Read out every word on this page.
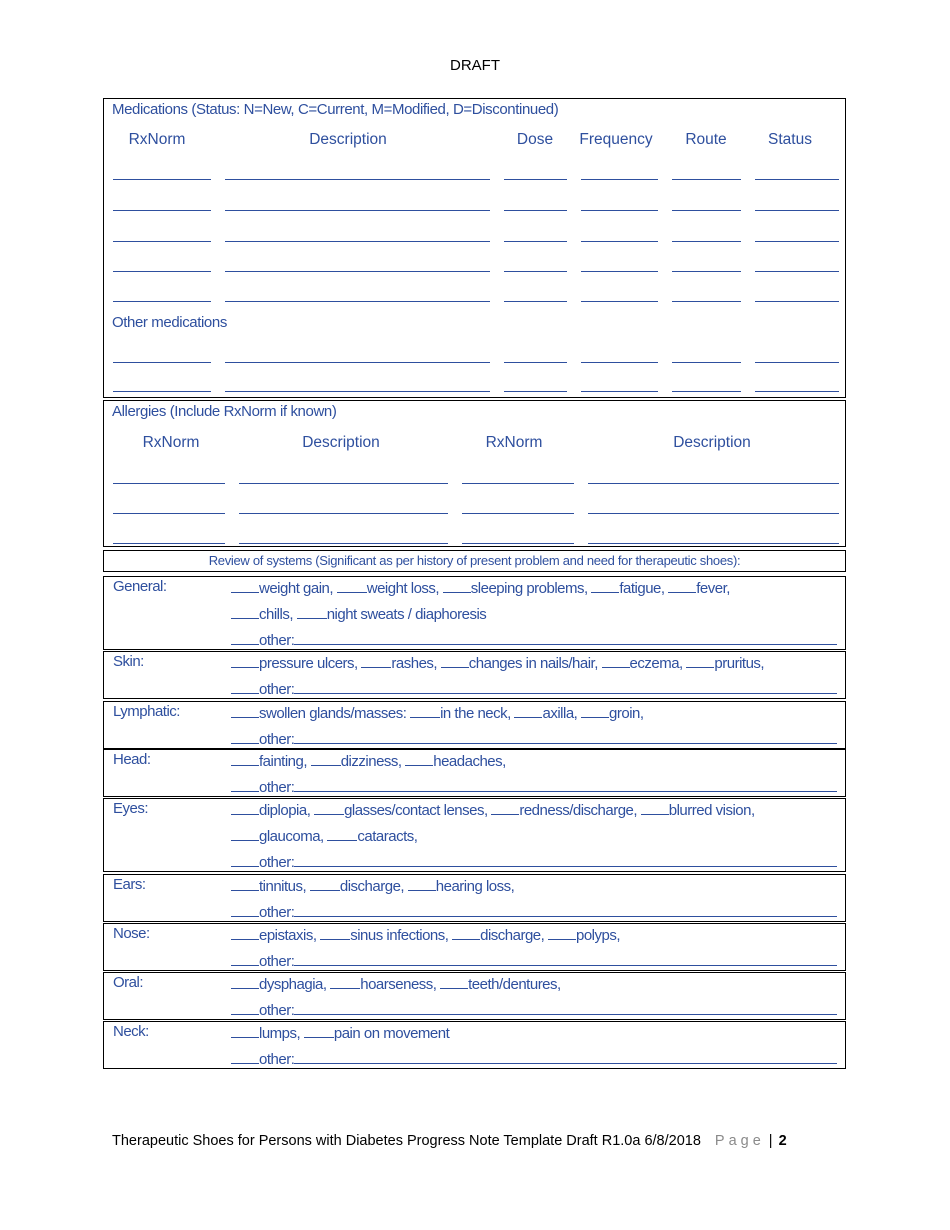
DRAFT
Medications (Status: N=New, C=Current, M=Modified, D=Discontinued)
RxNorm	Description	Dose Frequency Route	Status
Other medications
Allergies (Include RxNorm if known)
RxNorm	Description	RxNorm	Description
Review of systems (Significant as per history of present problem and need for therapeutic shoes):
General:	weight gain, weight loss, sleeping problems, fatigue, fever,
chills, night sweats / diaphoresis
other:
Skin:	pressure ulcers, rashes, changes in nails/hair, eczema, pruritus,
other:
Lymphatic:	swollen glands/masses: in the neck, axilla, groin,
other:
Head:	fainting, dizziness, headaches,
other:
Eyes:	diplopia, glasses/contact lenses, redness/discharge, blurred vision,
glaucoma, cataracts,
other:
Ears:	tinnitus, discharge, hearing loss,
other:
Nose:	epistaxis, sinus infections, discharge, polyps,
other:
Oral:	dysphagia, hoarseness, teeth/dentures,
other:
Neck:	lumps, pain on movement
other:
Therapeutic Shoes for Persons with Diabetes Progress Note Template Draft R1.0a 6/8/2018 Page | 2
